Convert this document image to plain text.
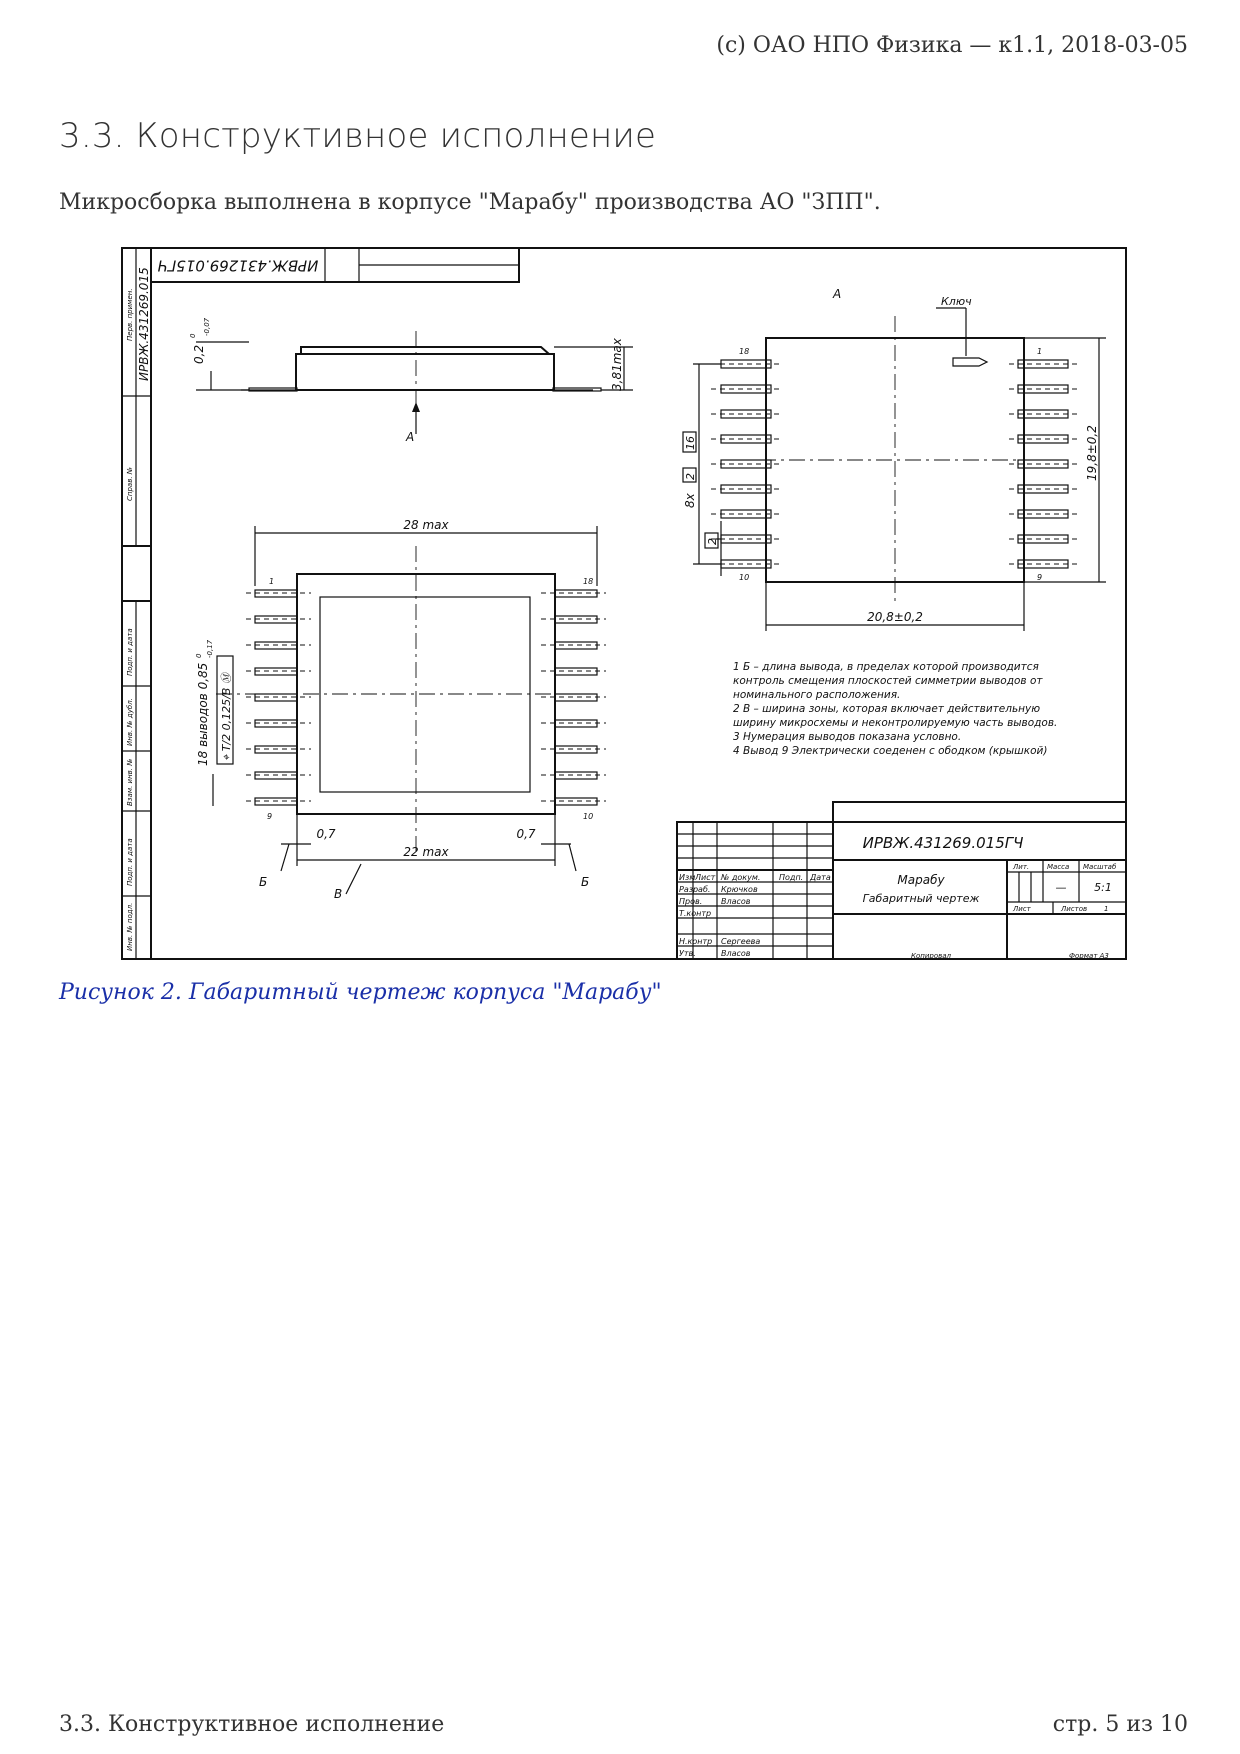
(c) ОАО НПО Физика — к1.1, 2018-03-05
3.3. Конструктивное исполнение

Микросборка выполнена в корпусе "Марабу" производства АО "ЗПП".

Перв. примен. ИРВЖ.431269.015
Справ. №
Подп. и дата
Инв. № дубл.
Взам. инв. №
Подп. и дата
Инв. № подл.
ИРВЖ.431269.015ГЧ
0,2
0 -0,07
3,81max
А
1	18
9	10
28 max
22 max
0,7	0,7
Б	Б
В
18 выводов 0,85
0 -0,17
⌖ T/2 0,125/В Ⓜ
А
Ключ
18	1
10	9
8x
2
16
2
19,8±0,2
20,8±0,2
1 Б – длина вывода, в пределах которой производится
контроль смещения плоскостей симметрии выводов от
номинального расположения.
2 В – ширина зоны, которая включает действительную
ширину микросхемы и неконтролируемую часть выводов.
3 Нумерация выводов показана условно.
4 Вывод 9 Электрически соеденен с ободком (крышкой)
Изм Лист № докум. Подп. Дата
Разраб. Крючков
Пров. Власов
Т.контр
Н.контр Сергеева
Утв.	Власов
ИРВЖ.431269.015ГЧ
Марабу
Габаритный чертеж
Лит.	Масса Масштаб
—	5:1
Лист	Листов 1
Копировал	Формат А3
Рисунок 2. Габаритный чертеж корпуса "Марабу"
3.3. Конструктивное исполнение	стр. 5 из 10
